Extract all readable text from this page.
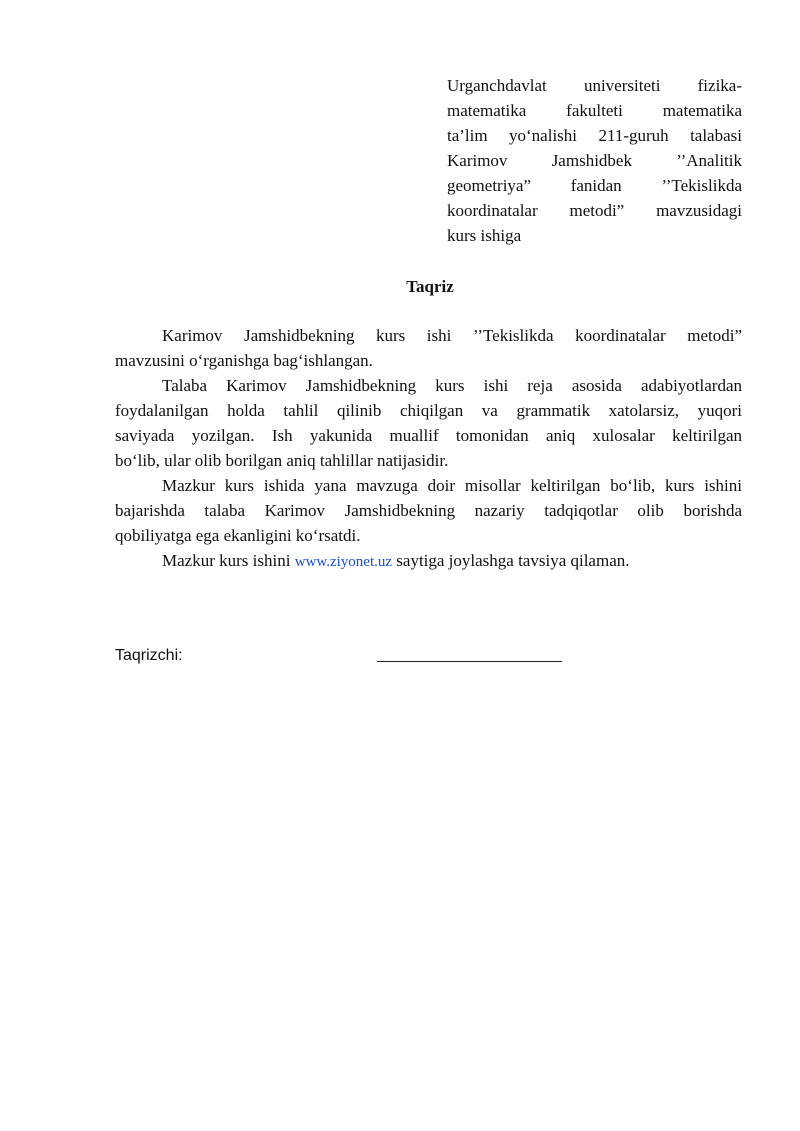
Urganchdavlat universiteti fizika-
matematika fakulteti matematika
ta’lim yo‘nalishi 211-guruh talabasi
Karimov Jamshidbek ’’Analitik
geometriya” fanidan ’’Tekislikda
koordinatalar metodi” mavzusidagi
kurs ishiga
Taqriz
Karimov Jamshidbekning kurs ishi ’’Tekislikda koordinatalar metodi”
mavzusini o‘rganishga bag‘ishlangan.
Talaba Karimov Jamshidbekning kurs ishi reja asosida adabiyotlardan
foydalanilgan holda tahlil qilinib chiqilgan va grammatik xatolarsiz, yuqori
saviyada yozilgan. Ish yakunida muallif tomonidan aniq xulosalar keltirilgan
bo‘lib, ular olib borilgan aniq tahlillar natijasidir.
Mazkur kurs ishida yana mavzuga doir misollar keltirilgan bo‘lib, kurs ishini
bajarishda talaba Karimov Jamshidbekning nazariy tadqiqotlar olib borishda
qobiliyatga ega ekanligini ko‘rsatdi.
Mazkur kurs ishini www.ziyonet.uz saytiga joylashga tavsiya qilaman.
Taqrizchi:
